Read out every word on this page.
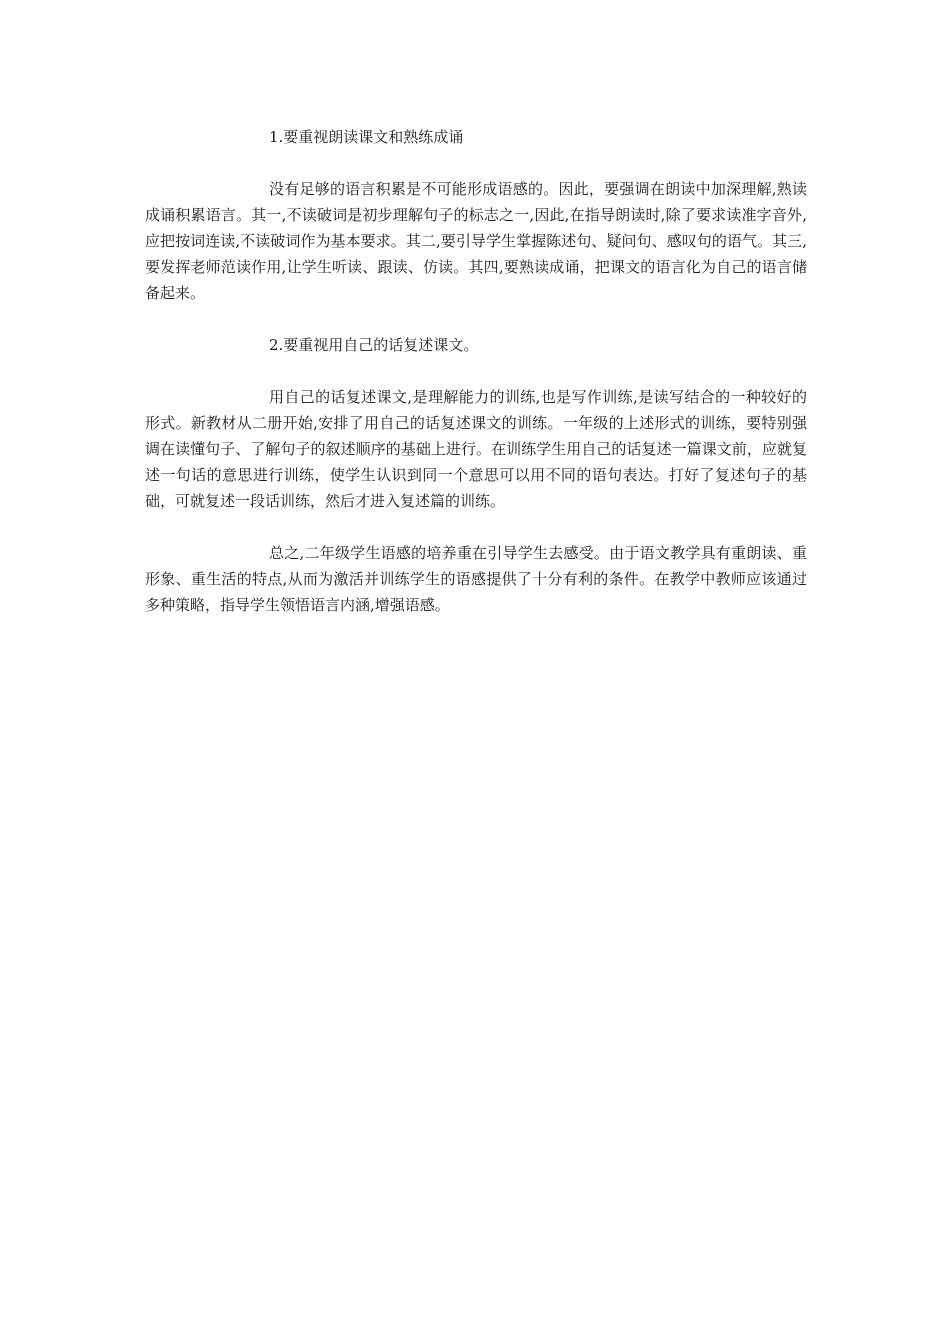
1.要重视朗读课文和熟练成诵

没有足够的语言积累是不可能形成语感的。因此，要强调在朗读中加深理解,熟读成诵积累语言。其一,不读破词是初步理解句子的标志之一,因此,在指导朗读时,除了要求读准字音外,应把按词连读,不读破词作为基本要求。其二,要引导学生掌握陈述句、疑问句、感叹句的语气。其三,要发挥老师范读作用,让学生听读、跟读、仿读。其四,要熟读成诵，把课文的语言化为自己的语言储备起来。

2.要重视用自己的话复述课文。

用自己的话复述课文,是理解能力的训练,也是写作训练,是读写结合的一种较好的形式。新教材从二册开始,安排了用自己的话复述课文的训练。一年级的上述形式的训练，要特别强调在读懂句子、了解句子的叙述顺序的基础上进行。在训练学生用自己的话复述一篇课文前，应就复述一句话的意思进行训练，使学生认识到同一个意思可以用不同的语句表达。打好了复述句子的基础，可就复述一段话训练，然后才进入复述篇的训练。

总之,二年级学生语感的培养重在引导学生去感受。由于语文教学具有重朗读、重形象、重生活的特点,从而为激活并训练学生的语感提供了十分有利的条件。在教学中教师应该通过多种策略，指导学生领悟语言内涵,增强语感。
